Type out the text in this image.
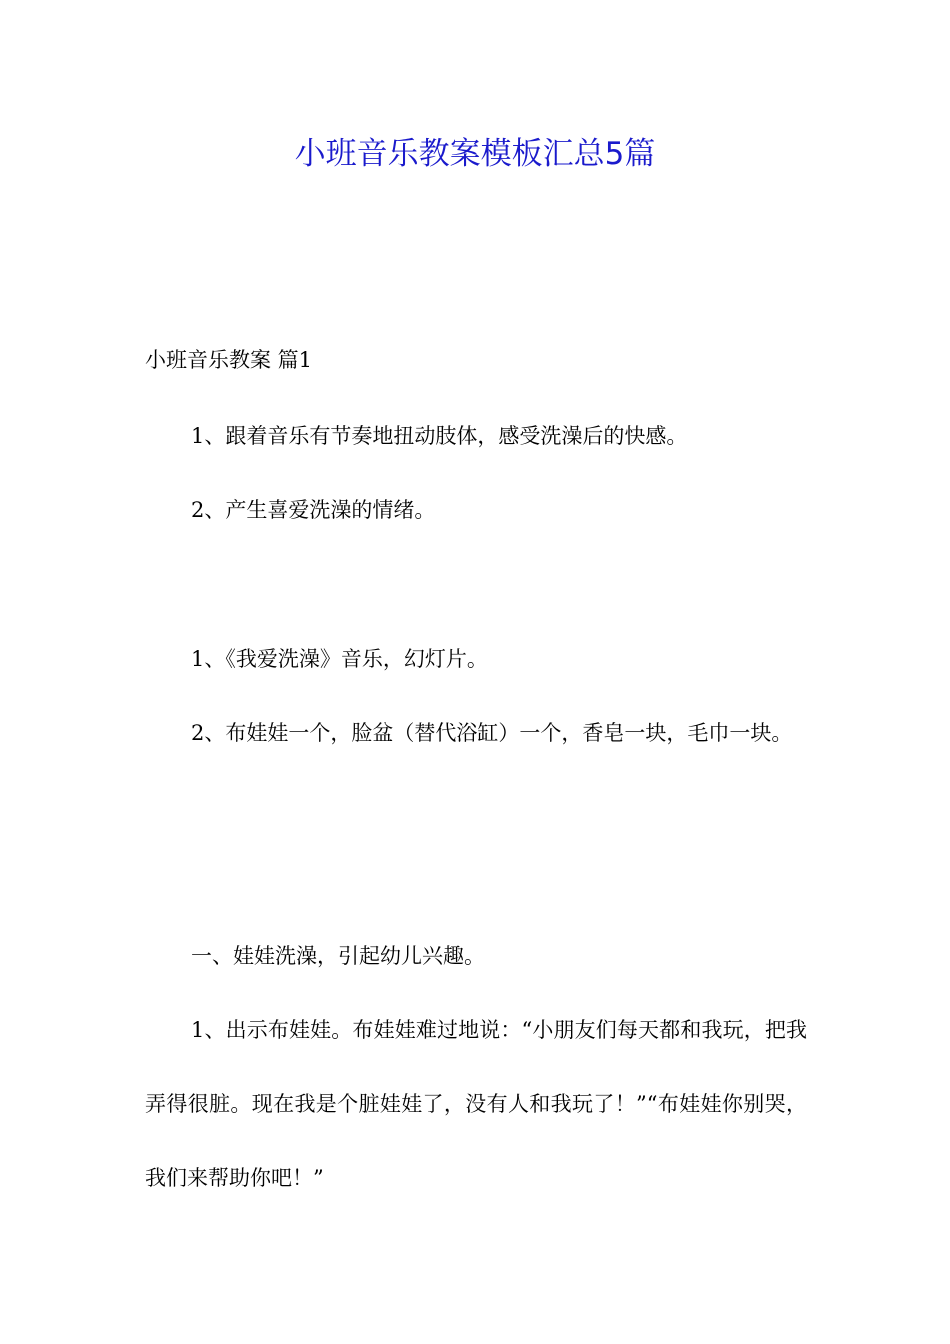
小班音乐教案模板汇总5篇

小班音乐教案 篇1

1、跟着音乐有节奏地扭动肢体，感受洗澡后的快感。

2、产生喜爱洗澡的情绪。

1、《我爱洗澡》音乐，幻灯片。

2、布娃娃一个，脸盆（替代浴缸）一个，香皂一块，毛巾一块。

一、娃娃洗澡，引起幼儿兴趣。

1、出示布娃娃。布娃娃难过地说：“小朋友们每天都和我玩，把我弄得很脏。现在我是个脏娃娃了，没有人和我玩了！”“布娃娃你别哭，我们来帮助你吧！”
